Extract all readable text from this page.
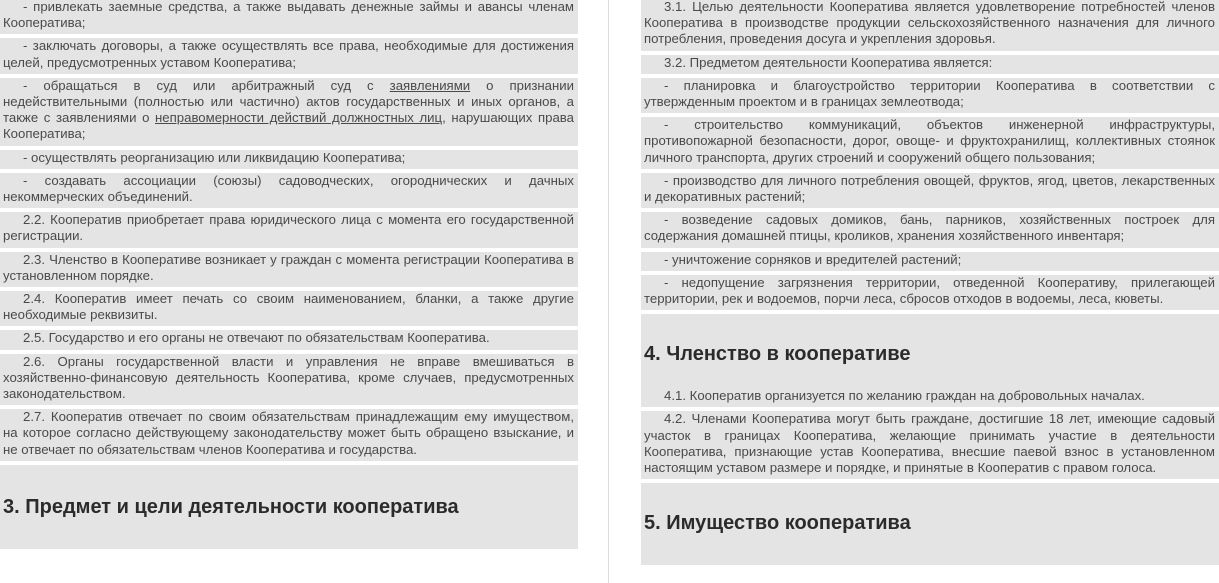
- привлекать заемные средства, а также выдавать денежные займы и авансы членам Кооператива;

- заключать договоры, а также осуществлять все права, необходимые для достижения целей, предусмотренных уставом Кооператива;

- обращаться в суд или арбитражный суд с заявлениями о признании недействительными (полностью или частично) актов государственных и иных органов, а также с заявлениями о неправомерности действий должностных лиц, нарушающих права Кооператива;

- осуществлять реорганизацию или ликвидацию Кооператива;

- создавать ассоциации (союзы) садоводческих, огороднических и дачных некоммерческих объединений.

2.2. Кооператив приобретает права юридического лица с момента его государственной регистрации.

2.3. Членство в Кооперативе возникает у граждан с момента регистрации Кооператива в установленном порядке.

2.4. Кооператив имеет печать со своим наименованием, бланки, а также другие необходимые реквизиты.

2.5. Государство и его органы не отвечают по обязательствам Кооператива.

2.6. Органы государственной власти и управления не вправе вмешиваться в хозяйственно-финансовую деятельность Кооператива, кроме случаев, предусмотренных законодательством.

2.7. Кооператив отвечает по своим обязательствам принадлежащим ему имуществом, на которое согласно действующему законодательству может быть обращено взыскание, и не отвечает по обязательствам членов Кооператива и государства.

3. Предмет и цели деятельности кооператива

3.1. Целью деятельности Кооператива является удовлетворение потребностей членов Кооператива в производстве продукции сельскохозяйственного назначения для личного потребления, проведения досуга и укрепления здоровья.

3.2. Предметом деятельности Кооператива является:

- планировка и благоустройство территории Кооператива в соответствии с утвержденным проектом и в границах землеотвода;

- строительство коммуникаций, объектов инженерной инфраструктуры, противопожарной безопасности, дорог, овоще- и фруктохранилищ, коллективных стоянок личного транспорта, других строений и сооружений общего пользования;

- производство для личного потребления овощей, фруктов, ягод, цветов, лекарственных и декоративных растений;

- возведение садовых домиков, бань, парников, хозяйственных построек для содержания домашней птицы, кроликов, хранения хозяйственного инвентаря;

- уничтожение сорняков и вредителей растений;

- недопущение загрязнения территории, отведенной Кооперативу, прилегающей территории, рек и водоемов, порчи леса, сбросов отходов в водоемы, леса, кюветы.

4. Членство в кооперативе

4.1. Кооператив организуется по желанию граждан на добровольных началах.

4.2. Членами Кооператива могут быть граждане, достигшие 18 лет, имеющие садовый участок в границах Кооператива, желающие принимать участие в деятельности Кооператива, признающие устав Кооператива, внесшие паевой взнос в установленном настоящим уставом размере и порядке, и принятые в Кооператив с правом голоса.

5. Имущество кооператива
